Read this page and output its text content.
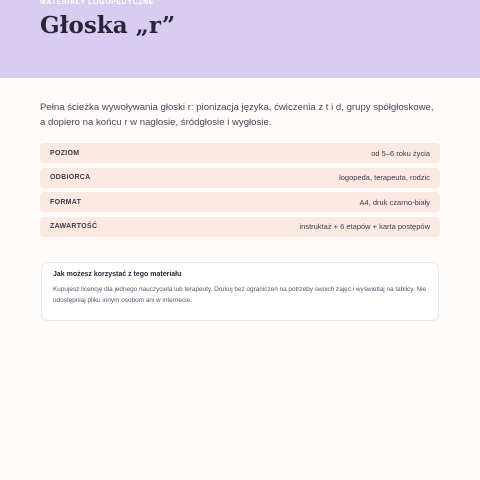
MATERIAŁY LOGOPEDYCZNE
Głoska „r”

Pełna ścieżka wywoływania głoski r: pionizacja języka, ćwiczenia z t i d, grupy spółgłoskowe, a dopiero na końcu r w nagłosie, śródgłosie i wygłosie.

POZIOM	od 5–6 roku życia
ODBIORCA	logopeda, terapeuta, rodzic
FORMAT	A4, druk czarno-biały
ZAWARTOŚĆ	instruktaż + 6 etapów + karta postępów

Jak możesz korzystać z tego materiału

Kupujesz licencję dla jednego nauczyciela lub terapeuty. Drukuj bez ograniczeń na potrzeby swoich zajęć i wyświetlaj na tablicy. Nie udostępniaj pliku innym osobom ani w internecie.
